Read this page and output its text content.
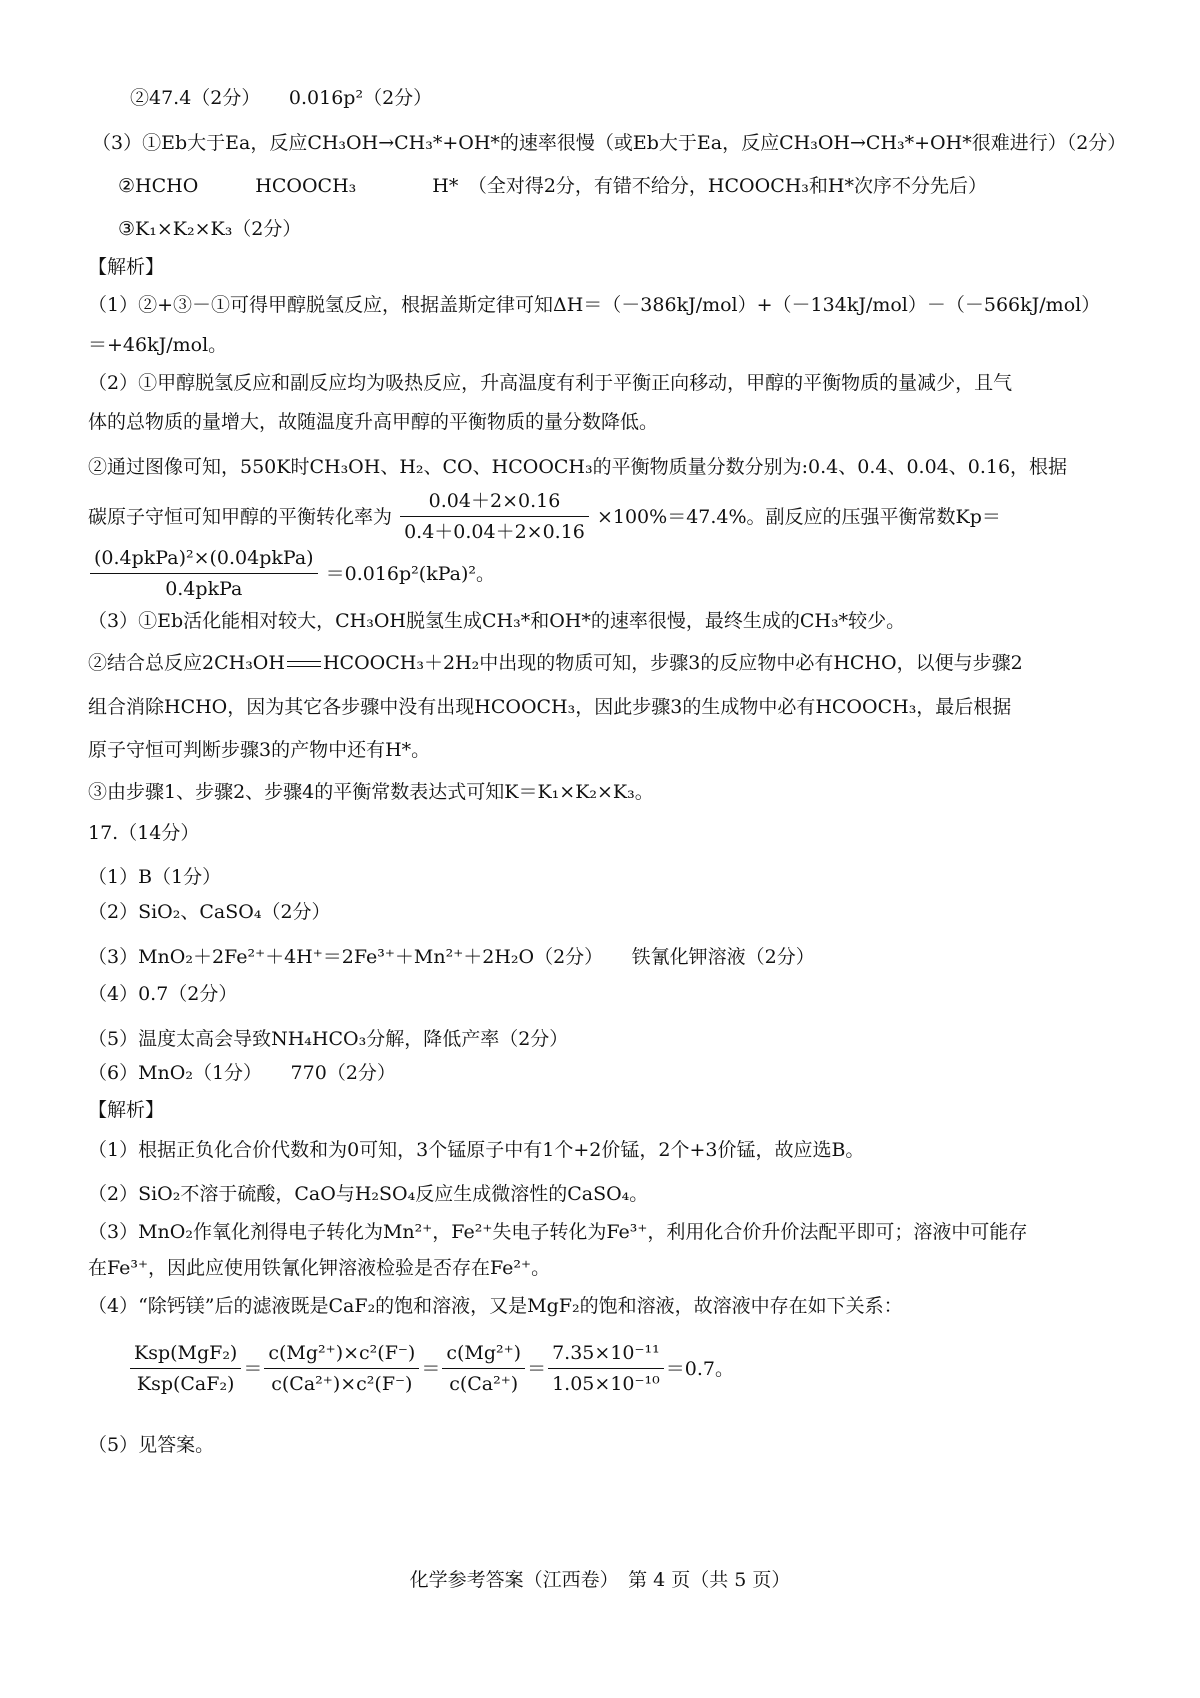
②47.4（2分）　　0.016p²（2分）
（3）①Eb大于Ea，反应CH₃OH→CH₃*+OH*的速率很慢（或Eb大于Ea，反应CH₃OH→CH₃*+OH*很难进行）（2分）
②HCHO　　　HCOOCH₃　　　　H*　（全对得2分，有错不给分，HCOOCH₃和H*次序不分先后）
③K₁×K₂×K₃（2分）
【解析】
（1）②+③－①可得甲醇脱氢反应，根据盖斯定律可知ΔH＝（－386kJ/mol）+（－134kJ/mol）－（－566kJ/mol）
＝+46kJ/mol。
（2）①甲醇脱氢反应和副反应均为吸热反应，升高温度有利于平衡正向移动，甲醇的平衡物质的量减少，且气
体的总物质的量增大，故随温度升高甲醇的平衡物质的量分数降低。
②通过图像可知，550K时CH₃OH、H₂、CO、HCOOCH₃的平衡物质量分数分别为:0.4、0.4、0.04、0.16，根据
碳原子守恒可知甲醇的平衡转化率为 $\frac{0.04+2\times 0.16}{0.4+0.04+2\times 0.16} \times 100\%=47.4\%$。副反应的压强平衡常数Kp＝
$\frac{\text{(0.4pkPa)²×(0.04pkPa)}}{\text{0.4pkPa}} =0.016p^2(kPa)^2$。
（3）①Eb活化能相对较大，CH₃OH脱氢生成CH₃*和OH*的速率很慢，最终生成的CH₃*较少。
②结合总反应2CH₃OH HCOOCH₃＋2H₂中出现的物质可知，步骤3的反应物中必有HCHO，以便与步骤2
组合消除HCHO，因为其它各步骤中没有出现HCOOCH₃，因此步骤3的生成物中必有HCOOCH₃，最后根据
原子守恒可判断步骤3的产物中还有H*。
③由步骤1、步骤2、步骤4的平衡常数表达式可知K＝K₁×K₂×K₃。
17.（14分）
（1）B（1分）
（2）SiO₂、CaSO₄（2分）
（3）MnO₂＋2Fe²⁺＋4H⁺＝2Fe³⁺＋Mn²⁺＋2H₂O（2分）　　铁氰化钾溶液（2分）
（4）0.7（2分）
（5）温度太高会导致NH₄HCO₃分解，降低产率（2分）
（6）MnO₂（1分）　　770（2分）
【解析】
（1）根据正负化合价代数和为0可知，3个锰原子中有1个+2价锰，2个+3价锰，故应选B。
（2）SiO₂不溶于硫酸，CaO与H₂SO₄反应生成微溶性的CaSO₄。
（3）MnO₂作氧化剂得电子转化为Mn²⁺，Fe²⁺失电子转化为Fe³⁺，利用化合价升价法配平即可；溶液中可能存
在Fe³⁺，因此应使用铁氰化钾溶液检验是否存在Fe²⁺。
（4）“除钙镁”后的滤液既是CaF₂的饱和溶液，又是MgF₂的饱和溶液，故溶液中存在如下关系：
$\frac{\text{Ksp(MgF₂)}}{\text{Ksp(CaF₂)}} = \frac{\text{c(Mg²⁺)×c²(F⁻)}}{\text{c(Ca²⁺)×c²(F⁻)}} = \frac{\text{c(Mg²⁺)}}{\text{c(Ca²⁺)}} = \frac{\text{7.35×10⁻¹¹}}{\text{1.05×10⁻¹⁰}} =0.7$。
（5）见答案。
化学参考答案（江西卷）　第 4 页（共 5 页）
